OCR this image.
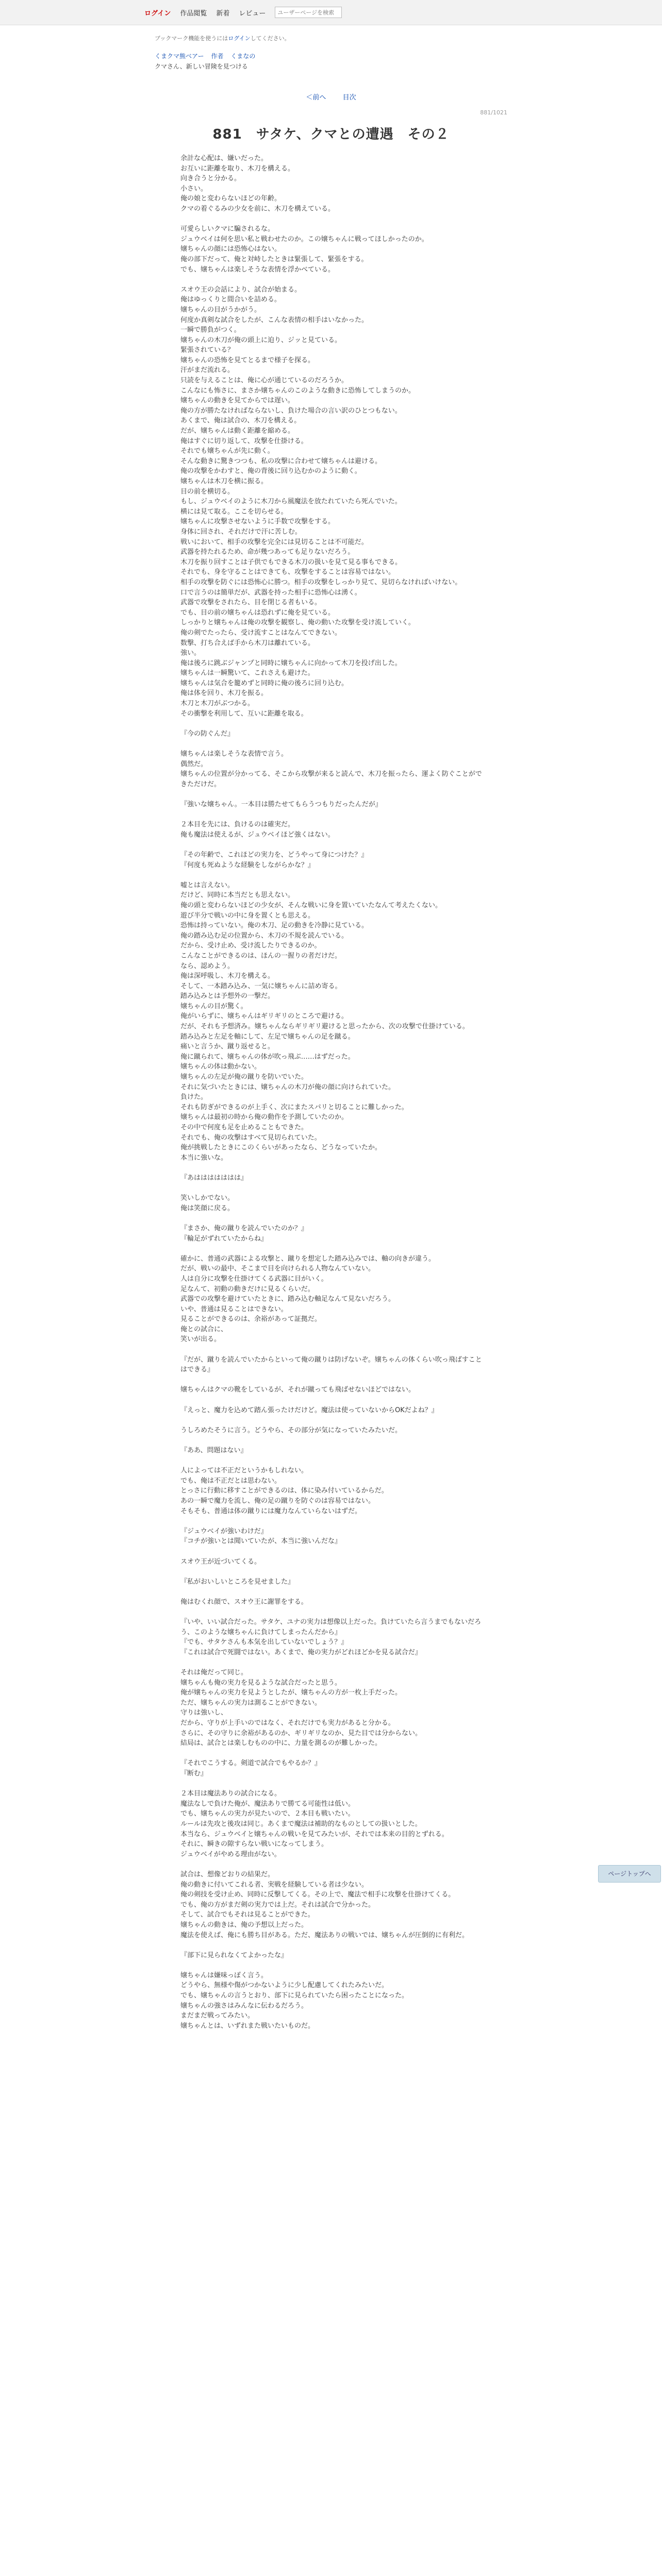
ログイン 作品閲覧 新着 レビュー
ユーザーページを検索
ブックマーク機能を使うにはログインしてください。
くまクマ熊ベアー 作者 くまなの
クマさん、新しい冒険を見つける
＜前へ 目次
881/1021
881　サタケ、クマとの遭遇　その２

余計な心配は、嫌いだった。

お互いに距離を取り、木刀を構える。

向き合うと分かる。

小さい。

俺の娘と変わらないほどの年齢。

クマの着ぐるみの少女を前に、木刀を構えている。

可愛らしいクマに騙されるな。

ジュウベイは何を思い私と戦わせたのか。この嬢ちゃんに戦ってほしかったのか。

嬢ちゃんの顔には恐怖心はない。

俺の部下だって、俺と対峙したときは緊張して、緊張をする。

でも、嬢ちゃんは楽しそうな表情を浮かべている。

スオウ王の会話により、試合が始まる。

俺はゆっくりと間合いを詰める。

嬢ちゃんの目がうかがう。

何度か真剣な試合をしたが、こんな表情の相手はいなかった。

一瞬で勝負がつく。

嬢ちゃんの木刀が俺の頭上に迫り、ジッと見ている。

緊張されている？

嬢ちゃんの恐怖を見てとるまで様子を探る。

汗がまだ流れる。

只読を与えることは、俺に心が通じているのだろうか。

こんなにも怖さに、まさか嬢ちゃんのこのような動きに恐怖してしまうのか。

嬢ちゃんの動きを見てからでは遅い。

俺の方が勝たなければならないし、負けた場合の言い訳のひとつもない。

あくまで、俺は試合の、木刀を構える。

だが、嬢ちゃんは動く距離を縮める。

俺はすぐに切り返して、攻撃を仕掛ける。

それでも嬢ちゃんが先に動く。

そんな動きに驚きつつも、私の攻撃に合わせて嬢ちゃんは避ける。

俺の攻撃をかわすと、俺の背後に回り込むかのように動く。

嬢ちゃんは木刀を横に振る。

目の前を横切る。

もし、ジュウベイのように木刀から風魔法を放たれていたら死んでいた。

横には見て取る。ここを切らせる。

嬢ちゃんに攻撃させないように手数で攻撃をする。

身体に回され、それだけで汗に苦しむ。

戦いにおいて、相手の攻撃を完全には見切ることは不可能だ。

武器を持たれるため、命が幾つあっても足りないだろう。

木刀を振り回すことは子供でもできる木刀の扱いを見て見る事もできる。

それでも、身を守ることはできても、攻撃をすることは容易ではない。

相手の攻撃を防ぐには恐怖心に勝つ。相手の攻撃をしっかり見て、見切らなければいけない。

口で言うのは簡単だが、武器を持った相手に恐怖心は湧く。

武器で攻撃をされたら、目を閉じる者もいる。

でも、目の前の嬢ちゃんは恐れずに俺を見ている。

しっかりと嬢ちゃんは俺の攻撃を観察し、俺の動いた攻撃を受け流していく。

俺の剣でたったら、受け流すことはなんてできない。

数撃、打ち合えば手から木刀は離れている。

強い。

俺は後ろに跳ぶジャンプと同時に嬢ちゃんに向かって木刀を投げ出した。

嬢ちゃんは一瞬驚いて、これさえも避けた。

嬢ちゃんは気合を籠めずと同時に俺の後ろに回り込む。

俺は体を回り、木刀を振る。

木刀と木刀がぶつかる。

その衝撃を利用して、互いに距離を取る。

『今の防ぐんだ』

嬢ちゃんは楽しそうな表情で言う。

偶然だ。

嬢ちゃんの位置が分かってる、そこから攻撃が来ると読んで、木刀を振ったら、運よく防ぐことができただけだ。

『強いな嬢ちゃん。一本目は勝たせてもらうつもりだったんだが』

２本目を先には、負けるのは確実だ。

俺も魔法は使えるが、ジュウベイほど強くはない。

『その年齢で、これほどの実力を、どうやって身につけた？』

『何度も死ぬような経験をしながらかな？』

嘘とは言えない。

だけど、同時に本当だとも思えない。

俺の頭と変わらないほどの少女が、そんな戦いに身を置いていたなんて考えたくない。

遊び半分で戦いの中に身を置くとも思える。

恐怖は持っていない。俺の木刀、足の動きを冷静に見ている。

俺の踏み込む足の位置から、木刀の不規を読んでいる。

だから、受け止め、受け流したりできるのか。

こんなことができるのは、ほんの一握りの者だけだ。

なら、認めよう。

俺は深呼吸し、木刀を構える。

そして、一本踏み込み、一気に嬢ちゃんに詰め寄る。

踏み込みとは予想外の一撃だ。

嬢ちゃんの目が驚く。

俺がいらずに、嬢ちゃんはギリギリのところで避ける。

だが、それも予想済み。嬢ちゃんならギリギリ避けると思ったから、次の攻撃で仕掛けている。

踏み込みと左足を軸にして、左足で嬢ちゃんの足を蹴る。

痛いと言うか、蹴り返せると。

俺に蹴られて、嬢ちゃんの体が吹っ飛ぶ……はずだった。

嬢ちゃんの体は動かない。

嬢ちゃんの左足が俺の蹴りを防いでいた。

それに気づいたときには、嬢ちゃんの木刀が俺の顔に向けられていた。

負けた。

それも防ぎができるのが上手く、次にまたスパリと切ることに難しかった。

嬢ちゃんは最初の時から俺の動作を予測していたのか。

その中で何度も足を止めることもできた。

それでも、俺の攻撃はすべて見切られていた。

俺が挑戦したときにこのくらいがあったなら、どうなっていたか。

本当に強いな。

『あははははははは』

笑いしかでない。

俺は笑顔に戻る。

『まさか、俺の蹴りを読んでいたのか？』

『輪足がずれていたからね』

確かに、普通の武器による攻撃と、蹴りを想定した踏み込みでは、軸の向きが違う。

だが、戦いの最中、そこまで目を向けられる人物なんていない。

人は自分に攻撃を仕掛けてくる武器に目がいく。

足なんて、初動の動きだけに見るくらいだ。

武器での攻撃を避けていたときに、踏み込む軸足なんて見ないだろう。

いや、普通は見ることはできない。

見ることができるのは、余裕があって証拠だ。

俺との試合に、

笑いが出る。

『だが、蹴りを読んでいたからといって俺の蹴りは防げないぞ。嬢ちゃんの体くらい吹っ飛ばすことはできる』

嬢ちゃんはクマの靴をしているが、それが蹴っても飛ばせないほどではない。

『えっと、魔力を込めて踏ん張ったけだけど。魔法は使っていないからOKだよね？』

うしろめたそうに言う。どうやら、その部分が気になっていたみたいだ。

『ああ、問題はない』

人によっては不正だというかもしれない。

でも、俺は不正だとは思わない。

とっさに行動に移すことができるのは、体に染み付いているからだ。

あの一瞬で魔力を流し、俺の足の蹴りを防ぐのは容易ではない。

そもそも、普通は体の蹴りには魔力なんていらないはずだ。

『ジュウベイが強いわけだ』

『コチが強いとは聞いていたが、本当に強いんだな』

スオウ王が近づいてくる。

『私がおいしいところを見せました』

俺はむくれ顔で、スオウ王に謝罪をする。

『いや、いい試合だった。サタケ、ユナの実力は想像以上だった。負けていたら言うまでもないだろう、このような嬢ちゃんに負けてしまったんだから』

『でも、サタケさんも本気を出していないでしょう？』

『これは試合で死闘ではない。あくまで、俺の実力がどれほどかを見る試合だ』

それは俺だって同じ。

嬢ちゃんも俺の実力を見るような試合だったと思う。

俺が嬢ちゃんの実力を見ようとしたが、嬢ちゃんの方が一枚上手だった。

ただ、嬢ちゃんの実力は測ることができない。

守りは強いし、

だから、守りが上手いのではなく、それだけでも実力があると分かる。

さらに、その守りに余裕があるのか、ギリギリなのか、見た目では分からない。

結局は、試合とは楽しむものの中に、力量を測るのが難しかった。

『それでこうする。剣道で試合でもやるか？』

『断む』

２本目は魔法ありの試合になる。

魔法なしで負けた俺が、魔法ありで勝てる可能性は低い。

でも、嬢ちゃんの実力が見たいので、２本目も戦いたい。

ルールは先攻と後攻は同じ。あくまで魔法は補助的なものとしての扱いとした。

本当なら、ジュウベイと嬢ちゃんの戦いを見てみたいが、それでは本来の目的とずれる。

それに、瞬きの隙すらない戦いになってしまう。

ジュウベイがやめる理由がない。

試合は、想像どおりの結果だ。

俺の動きに付いてこれる者、実戦を経験している者は少ない。

俺の剣技を受け止め、同時に反撃してくる。その上で、魔法で相手に攻撃を仕掛けてくる。

でも、俺の方がまだ剣の実力では上だ。それは試合で分かった。

そして、試合でもそれは見ることができた。

嬢ちゃんの動きは、俺の予想以上だった。

魔法を使えば、俺にも勝ち目がある。ただ、魔法ありの戦いでは、嬢ちゃんが圧倒的に有利だ。

『部下に見られなくてよかったな』

嬢ちゃんは嫌味っぽく言う。

どうやら、無様や傷がつかないように少し配慮してくれたみたいだ。

でも、嬢ちゃんの言うとおり、部下に見られていたら困ったことになった。

嬢ちゃんの強さはみんなに伝わるだろう。

まだまだ戦ってみたい。

嬢ちゃんとは、いずれまた戦いたいものだ。

ページトップへ
